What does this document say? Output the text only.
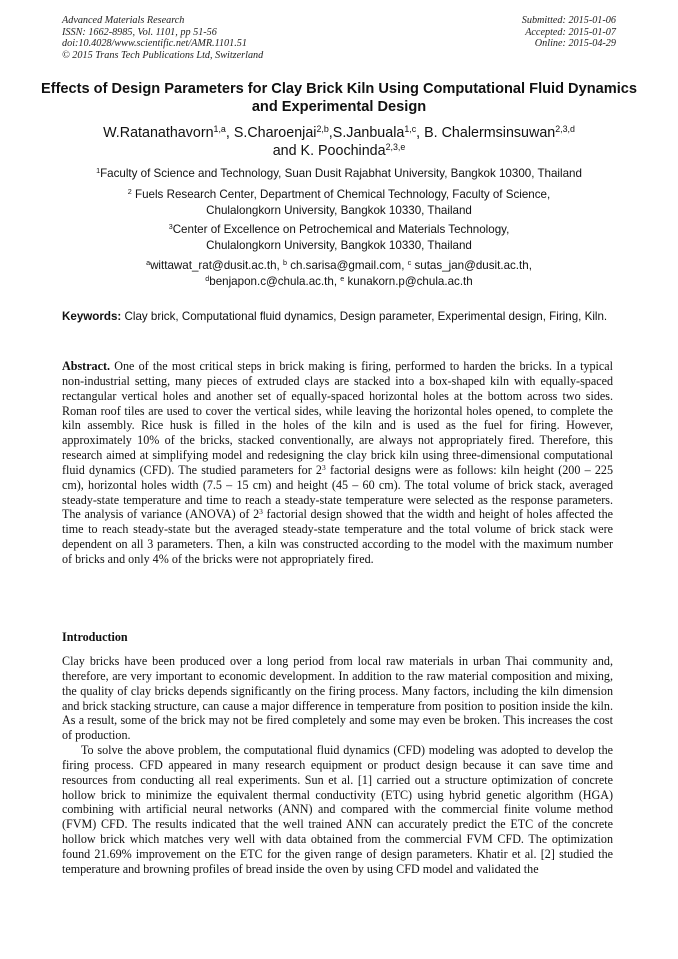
Advanced Materials Research
ISSN: 1662-8985, Vol. 1101, pp 51-56
doi:10.4028/www.scientific.net/AMR.1101.51
© 2015 Trans Tech Publications Ltd, Switzerland
Submitted: 2015-01-06
Accepted: 2015-01-07
Online: 2015-04-29
Effects of Design Parameters for Clay Brick Kiln Using Computational Fluid Dynamics and Experimental Design
W.Ratanathavorn$^{1,a}$, S.Charoenjai$^{2,b}$,S.Janbuala$^{1,c}$, B. Chalermsinsuwan$^{2,3,d}$
and K. Poochinda$^{2,3,e}$
$^1$Faculty of Science and Technology, Suan Dusit Rajabhat University, Bangkok 10300, Thailand
$^2$ Fuels Research Center, Department of Chemical Technology, Faculty of Science,
Chulalongkorn University, Bangkok 10330, Thailand
$^3$Center of Excellence on Petrochemical and Materials Technology,
Chulalongkorn University, Bangkok 10330, Thailand
$^a$wittawat_rat@dusit.ac.th, $^b$ ch.sarisa@gmail.com, $^c$ sutas_jan@dusit.ac.th,
$^d$benjapon.c@chula.ac.th, $^e$ kunakorn.p@chula.ac.th
Keywords: Clay brick, Computational fluid dynamics, Design parameter, Experimental design, Firing, Kiln.

Abstract. One of the most critical steps in brick making is firing, performed to harden the bricks. In a typical non-industrial setting, many pieces of extruded clays are stacked into a box-shaped kiln with equally-spaced rectangular vertical holes and another set of equally-spaced horizontal holes at the bottom across two sides. Roman roof tiles are used to cover the vertical sides, while leaving the horizontal holes opened, to complete the kiln assembly. Rice husk is filled in the holes of the kiln and is used as the fuel for firing. However, approximately 10% of the bricks, stacked conventionally, are always not appropriately fired. Therefore, this research aimed at simplifying model and redesigning the clay brick kiln using three-dimensional computational fluid dynamics (CFD). The studied parameters for $2^3$ factorial designs were as follows: kiln height (200 – 225 cm), horizontal holes width (7.5 – 15 cm) and height (45 – 60 cm). The total volume of brick stack, averaged steady-state temperature and time to reach a steady-state temperature were selected as the response parameters. The analysis of variance (ANOVA) of $2^3$ factorial design showed that the width and height of holes affected the time to reach steady-state but the averaged steady-state temperature and the total volume of brick stack were dependent on all 3 parameters. Then, a kiln was constructed according to the model with the maximum number of bricks and only 4% of the bricks were not appropriately fired.

Introduction

Clay bricks have been produced over a long period from local raw materials in urban Thai community and, therefore, are very important to economic development. In addition to the raw material composition and mixing, the quality of clay bricks depends significantly on the firing process. Many factors, including the kiln dimension and brick stacking structure, can cause a major difference in temperature from position to position inside the kiln. As a result, some of the brick may not be fired completely and some may even be broken. This increases the cost of production.

To solve the above problem, the computational fluid dynamics (CFD) modeling was adopted to develop the firing process. CFD appeared in many research equipment or product design because it can save time and resources from conducting all real experiments. Sun et al. [1] carried out a structure optimization of concrete hollow brick to minimize the equivalent thermal conductivity (ETC) using hybrid genetic algorithm (HGA) combining with artificial neural networks (ANN) and compared with the commercial finite volume method (FVM) CFD. The results indicated that the well trained ANN can accurately predict the ETC of the concrete hollow brick which matches very well with data obtained from the commercial FVM CFD. The optimization found 21.69% improvement on the ETC for the given range of design parameters. Khatir et al. [2] studied the temperature and browning profiles of bread inside the oven by using CFD model and validated the
